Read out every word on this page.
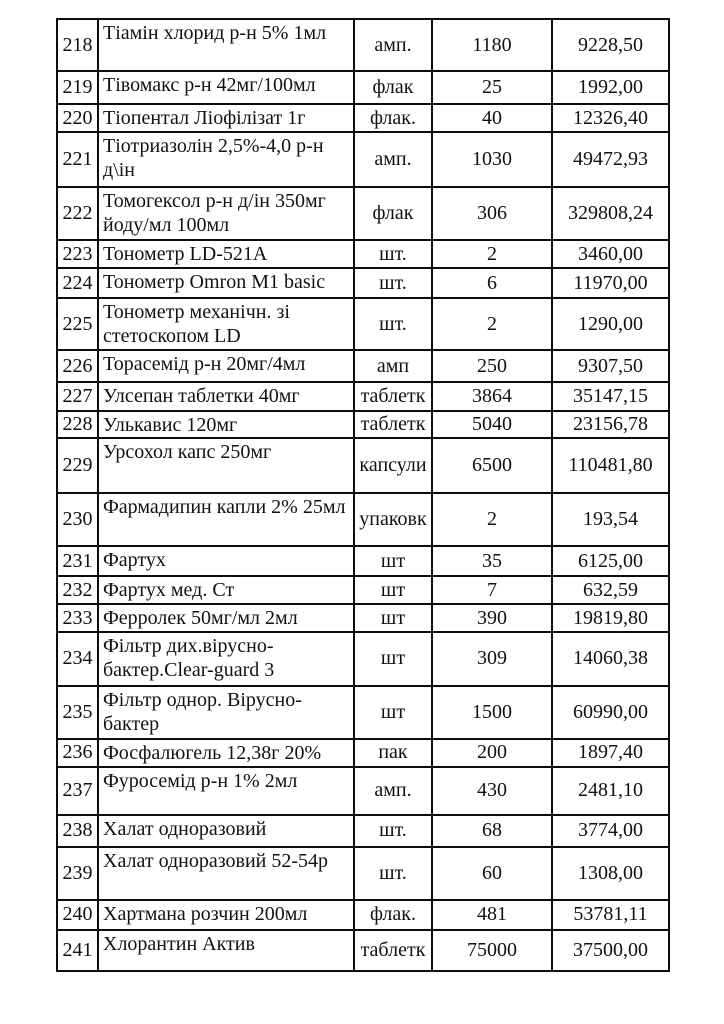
218	Тіамін хлорид р-н 5% 1мл	амп.	1180	9228,50
219	Тівомакс р-н 42мг/100мл	флак	25	1992,00
220	Тіопентал Ліофілізат 1г	флак.	40	12326,40
221	Тіотриазолін 2,5%-4,0 р-н д\ін	амп.	1030	49472,93
222	Томогексол р-н д/ін 350мг йоду/мл 100мл	флак	306	329808,24
223	Тонометр LD-521A	шт.	2	3460,00
224	Тонометр Omron M1 basic	шт.	6	11970,00
225	Тонометр механічн. зі стетоскопом LD	шт.	2	1290,00
226	Торасемід р-н 20мг/4мл	амп	250	9307,50
227	Улсепан таблетки 40мг	таблетк	3864	35147,15
228	Улькавис 120мг	таблетк	5040	23156,78
229	Урсохол капс 250мг	капсули	6500	110481,80
230	Фармадипин капли 2% 25мл	упаковк	2	193,54
231	Фартух	шт	35	6125,00
232	Фартух мед. Ст	шт	7	632,59
233	Ферролек 50мг/мл 2мл	шт	390	19819,80
234	Фільтр дих.вірусно-бактер.Clear-guard 3	шт	309	14060,38
235	Фільтр однор. Вірусно-бактер	шт	1500	60990,00
236	Фосфалюгель 12,38г 20%	пак	200	1897,40
237	Фуросемід р-н 1% 2мл	амп.	430	2481,10
238	Халат одноразовий	шт.	68	3774,00
239	Халат одноразовий 52-54р	шт.	60	1308,00
240	Хартмана розчин 200мл	флак.	481	53781,11
241	Хлорантин Актив	таблетк	75000	37500,00
